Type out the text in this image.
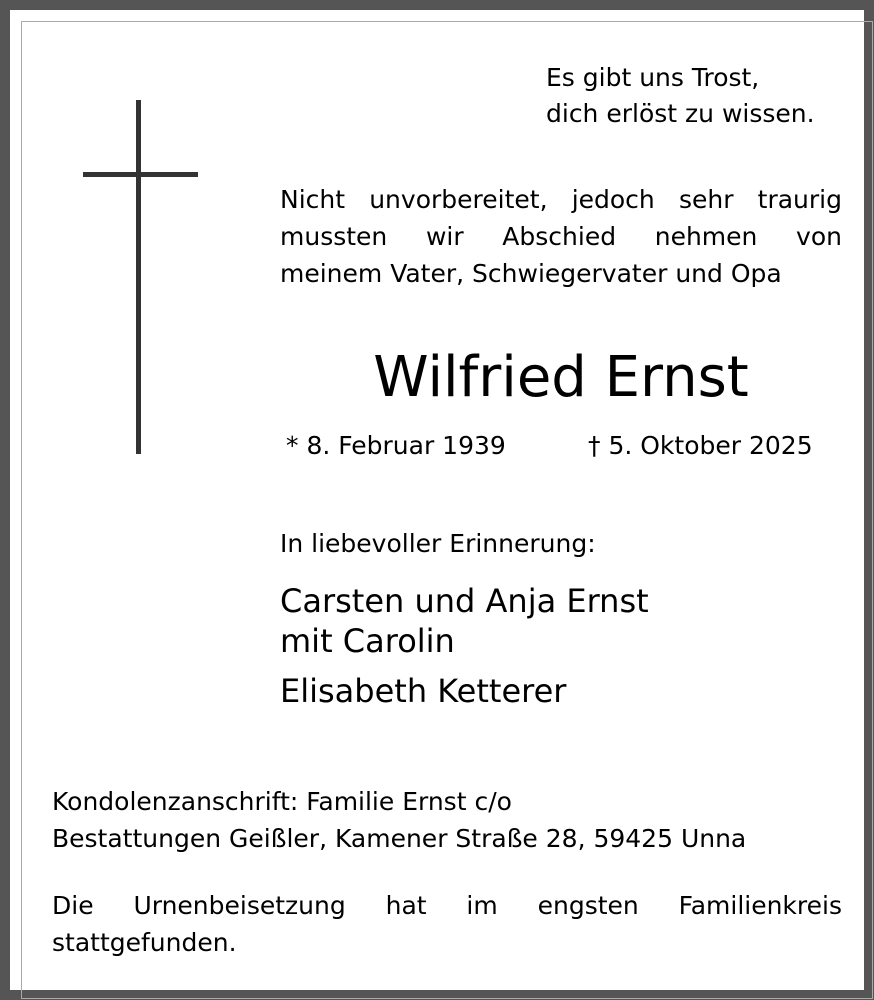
Es gibt uns Trost,
dich erlöst zu wissen.
Nicht unvorbereitet, jedoch sehr traurig
mussten wir Abschied nehmen von
meinem Vater, Schwiegervater und Opa
Wilfried Ernst
* 8. Februar 1939	† 5. Oktober 2025
In liebevoller Erinnerung:
Carsten und Anja Ernst
mit Carolin
Elisabeth Ketterer
Kondolenzanschrift: Familie Ernst c/o
Bestattungen Geißler, Kamener Straße 28, 59425 Unna
Die Urnenbeisetzung hat im engsten Familienkreis
stattgefunden.
